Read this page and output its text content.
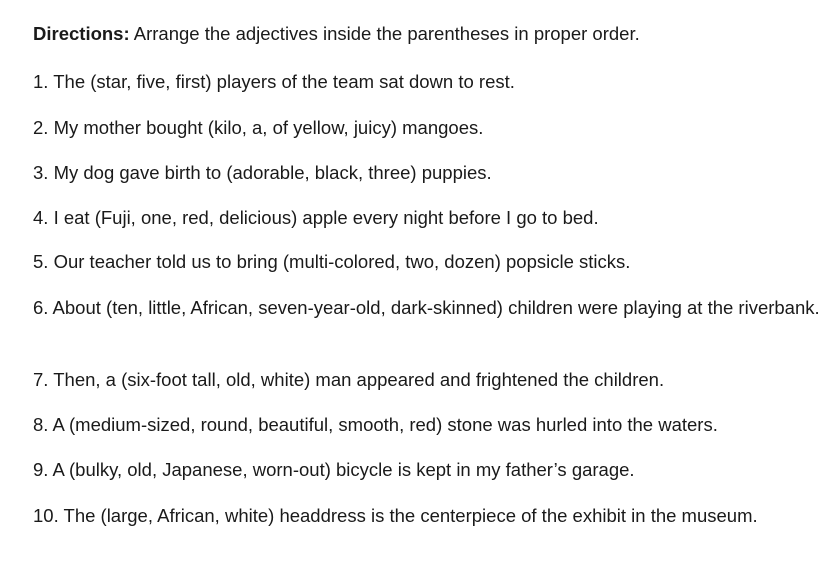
Directions: Arrange the adjectives inside the parentheses in proper order.
1. The (star, five, first) players of the team sat down to rest.
2. My mother bought (kilo, a, of yellow, juicy) mangoes.
3. My dog gave birth to (adorable, black, three) puppies.
4. I eat (Fuji, one, red, delicious) apple every night before I go to bed.
5. Our teacher told us to bring (multi-colored, two, dozen) popsicle sticks.
6. About (ten, little, African, seven-year-old, dark-skinned) children were playing at the riverbank.
7. Then, a (six-foot tall, old, white) man appeared and frightened the children.
8. A (medium-sized, round, beautiful, smooth, red) stone was hurled into the waters.
9. A (bulky, old, Japanese, worn-out) bicycle is kept in my father’s garage.
10. The (large, African, white) headdress is the centerpiece of the exhibit in the museum.
